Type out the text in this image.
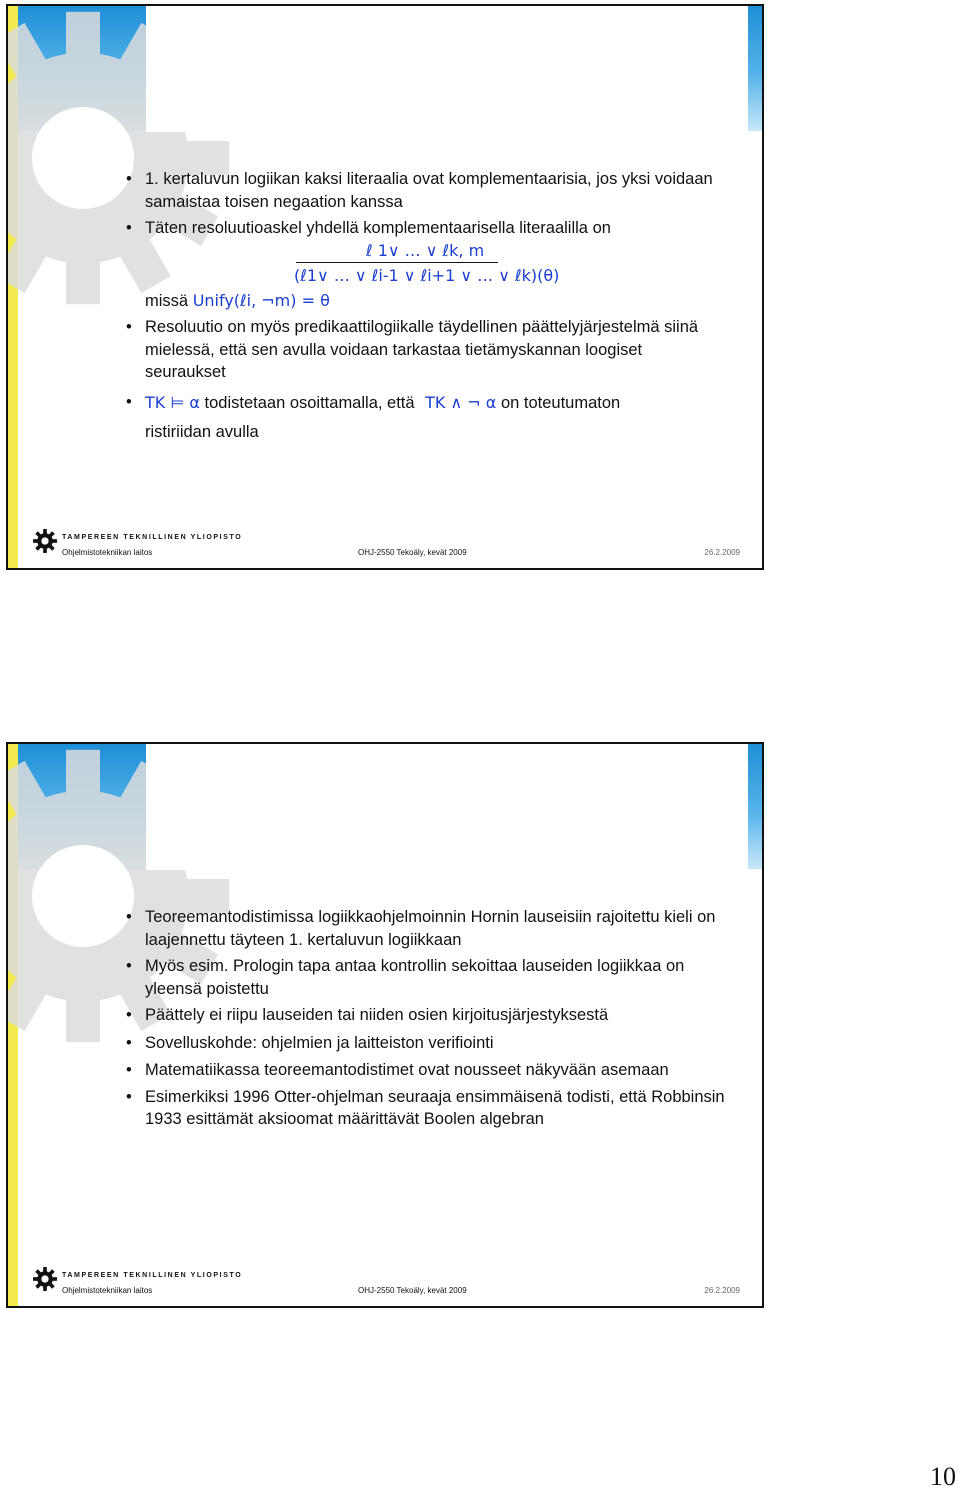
116
• 1. kertaluvun logiikan kaksi literaalia ovat komplementaarisia, jos yksi voidaan samaistaa toisen negaation kanssa
• Täten resoluutioaskel yhdellä komplementaarisella literaalilla on
ℓ 1∨ … ∨ ℓk, m
(ℓ1∨ … ∨ ℓi-1 ∨ ℓi+1 ∨ … ∨ ℓk)(θ)
missä Unify(ℓi, ¬m) = θ
• Resoluutio on myös predikaattilogiikalle täydellinen päättelyjärjestelmä siinä mielessä, että sen avulla voidaan tarkastaa tietämyskannan loogiset seuraukset
• TK ⊨ α todistetaan osoittamalla, että TK ∧ ¬ α on toteutumaton
ristiriidan avulla
TAMPEREEN TEKNILLINEN YLIOPISTO
Ohjelmistotekniikan laitos	OHJ-2550 Tekoäly, kevät 2009	26.2.2009
117
• Teoreemantodistimissa logiikkaohjelmoinnin Hornin lauseisiin rajoitettu kieli on laajennettu täyteen 1. kertaluvun logiikkaan
• Myös esim. Prologin tapa antaa kontrollin sekoittaa lauseiden logiikkaa on yleensä poistettu
• Päättely ei riipu lauseiden tai niiden osien kirjoitusjärjestyksestä
• Sovelluskohde: ohjelmien ja laitteiston verifiointi
• Matematiikassa teoreemantodistimet ovat nousseet näkyvään asemaan
• Esimerkiksi 1996 Otter-ohjelman seuraaja ensimmäisenä todisti, että Robbinsin 1933 esittämät aksioomat määrittävät Boolen algebran
TAMPEREEN TEKNILLINEN YLIOPISTO
Ohjelmistotekniikan laitos	OHJ-2550 Tekoäly, kevät 2009	26.2.2009
10
